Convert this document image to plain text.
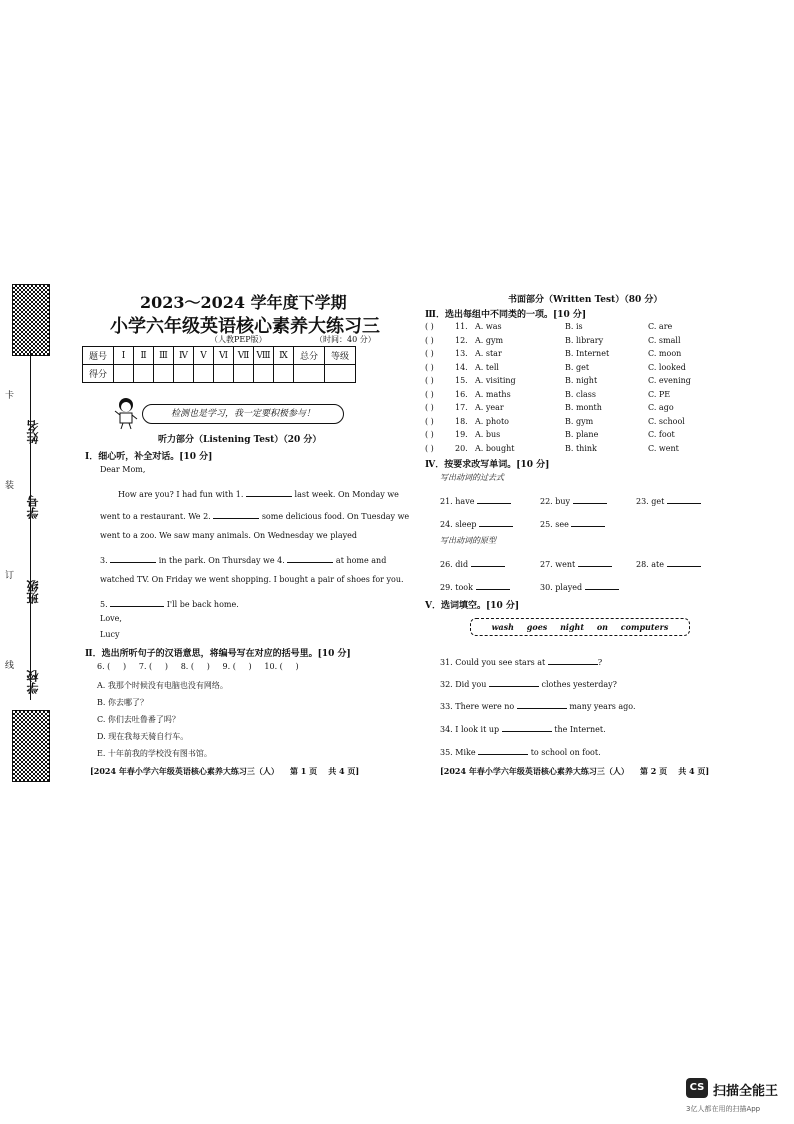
姓名
学号
班级
学校
卡
装
订
线
2023～2024 学年度下学期
小学六年级英语核心素养大练习三
（人教PEP版）	（时间：40 分）
题号	Ⅰ	Ⅱ	Ⅲ	Ⅳ	Ⅴ	Ⅵ	Ⅶ	Ⅷ	Ⅸ	总分	等级
得分											
检测也是学习，我一定要积极参与！
听力部分（Listening Test）（20 分）
Ⅰ．细心听，补全对话。[10 分]
Dear Mom,
How are you? I had fun with 1.	last week. On Monday we
went to a restaurant. We 2.	some delicious food. On Tuesday we
went to a zoo. We saw many animals. On Wednesday we played
3.	in the park. On Thursday we 4.	at home and
watched TV. On Friday we went shopping. I bought a pair of shoes for you.
5.	I'll be back home.
Love,
Lucy
Ⅱ．选出所听句子的汉语意思，将编号写在对应的括号里。[10 分]
6. (     )     7. (     )     8. (     )     9. (     )     10. (     )
A. 我那个时候没有电脑也没有网络。
B. 你去哪了？
C. 你们去吐鲁番了吗？
D. 现在我每天骑自行车。
E. 十年前我的学校没有图书馆。
[2024 年春小学六年级英语核心素养大练习三（人）    第 1 页    共 4 页]
书面部分（Written Test）（80 分）
Ⅲ．选出每组中不同类的一项。[10 分]
( )	11. A. was	B. is	C. are
( )	12. A. gym	B. library	C. small
( )	13. A. star	B. Internet	C. moon
( )	14. A. tell	B. get	C. looked
( )	15. A. visiting	B. night	C. evening
( )	16. A. maths	B. class	C. PE
( )	17. A. year	B. month	C. ago
( )	18. A. photo	B. gym	C. school
( )	19. A. bus	B. plane	C. foot
( )	20. A. bought	B. think	C. went
Ⅳ．按要求改写单词。[10 分]
写出动词的过去式
21. have	22. buy	23. get
24. sleep	25. see
写出动词的原型
26. did	27. went	28. ate
29. took	30. played
Ⅴ．选词填空。[10 分]
wash goes night on computers
31. Could you see stars at	?
32. Did you	clothes yesterday?
33. There were no	many years ago.
34. I look it up	the Internet.
35. Mike	to school on foot.
[2024 年春小学六年级英语核心素养大练习三（人）    第 2 页    共 4 页]
CS 扫描全能王
3亿人都在用的扫描App
